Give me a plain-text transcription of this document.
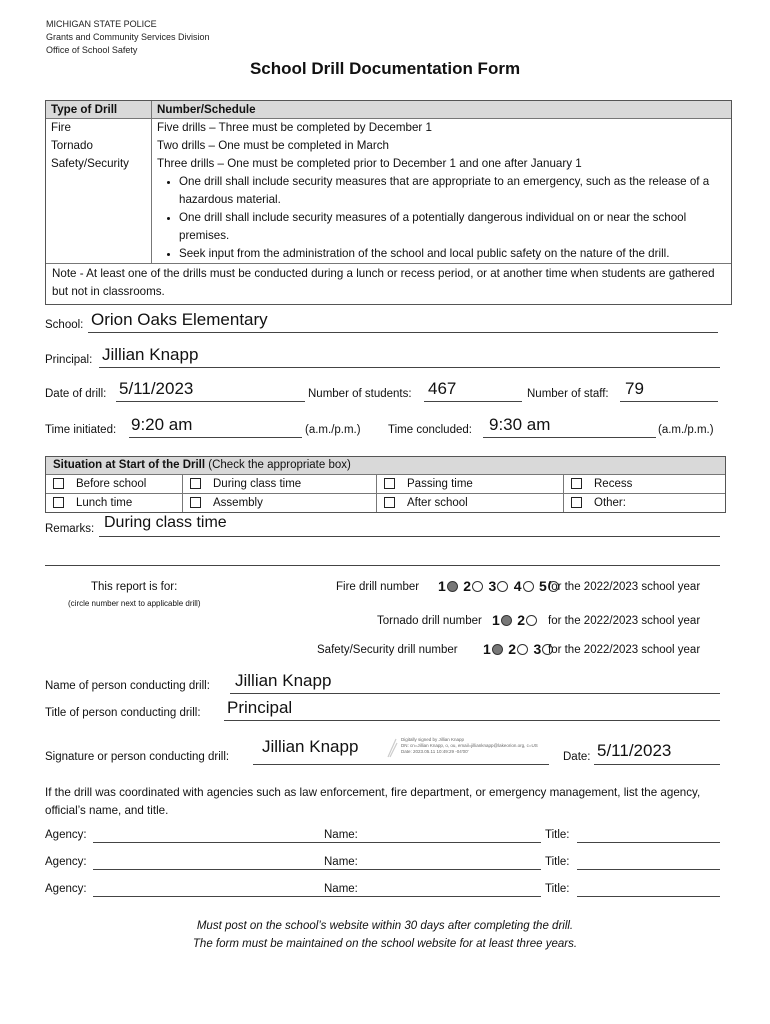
MICHIGAN STATE POLICE
Grants and Community Services Division
Office of School Safety
School Drill Documentation Form
Type of Drill	Number/Schedule
Fire	Five drills – Three must be completed by December 1
Tornado	Two drills – One must be completed in March
Safety/Security	Three drills – One must be completed prior to December 1 and one after January 1
• One drill shall include security measures that are appropriate to an emergency, such as the release of a hazardous material.
• One drill shall include security measures of a potentially dangerous individual on or near the school premises.
• Seek input from the administration of the school and local public safety on the nature of the drill.
Note - At least one of the drills must be conducted during a lunch or recess period, or at another time when students are gathered but not in classrooms.
School: Orion Oaks Elementary
Principal: Jillian Knapp
Date of drill: 5/11/2023	Number of students: 467	Number of staff: 79
Time initiated: 9:20 am	(a.m./p.m.) Time concluded: 9:30 am	(a.m./p.m.)
Situation at Start of the Drill (Check the appropriate box)
Before school	During class time	Passing time	Recess
Lunch time	Assembly	After school	Other:
Remarks: During class time
This report is for:
(circle number next to applicable drill)
Fire drill number 1 2 3 4 5 for the 2022/2023 school year
Tornado drill number 1 2	for the 2022/2023 school year
Safety/Security drill number 1 2 3 for the 2022/2023 school year
Name of person conducting drill: Jillian Knapp
Title of person conducting drill: Principal
Signature or person conducting drill:
Jillian Knapp	Digitally signed by Jillian Knapp
DN: cn=Jillian Knapp, o, ou, email=jillianknapp@lakeorion.org, c=US
Date: 2023.05.11 10:49:29 -04'00'	Date: 5/11/2023
If the drill was coordinated with agencies such as law enforcement, fire department, or emergency management, list the agency, official’s name, and title.
Agency:	Name:	Title:
Agency:	Name:	Title:
Agency:	Name:	Title:
Must post on the school’s website within 30 days after completing the drill.
The form must be maintained on the school website for at least three years.
